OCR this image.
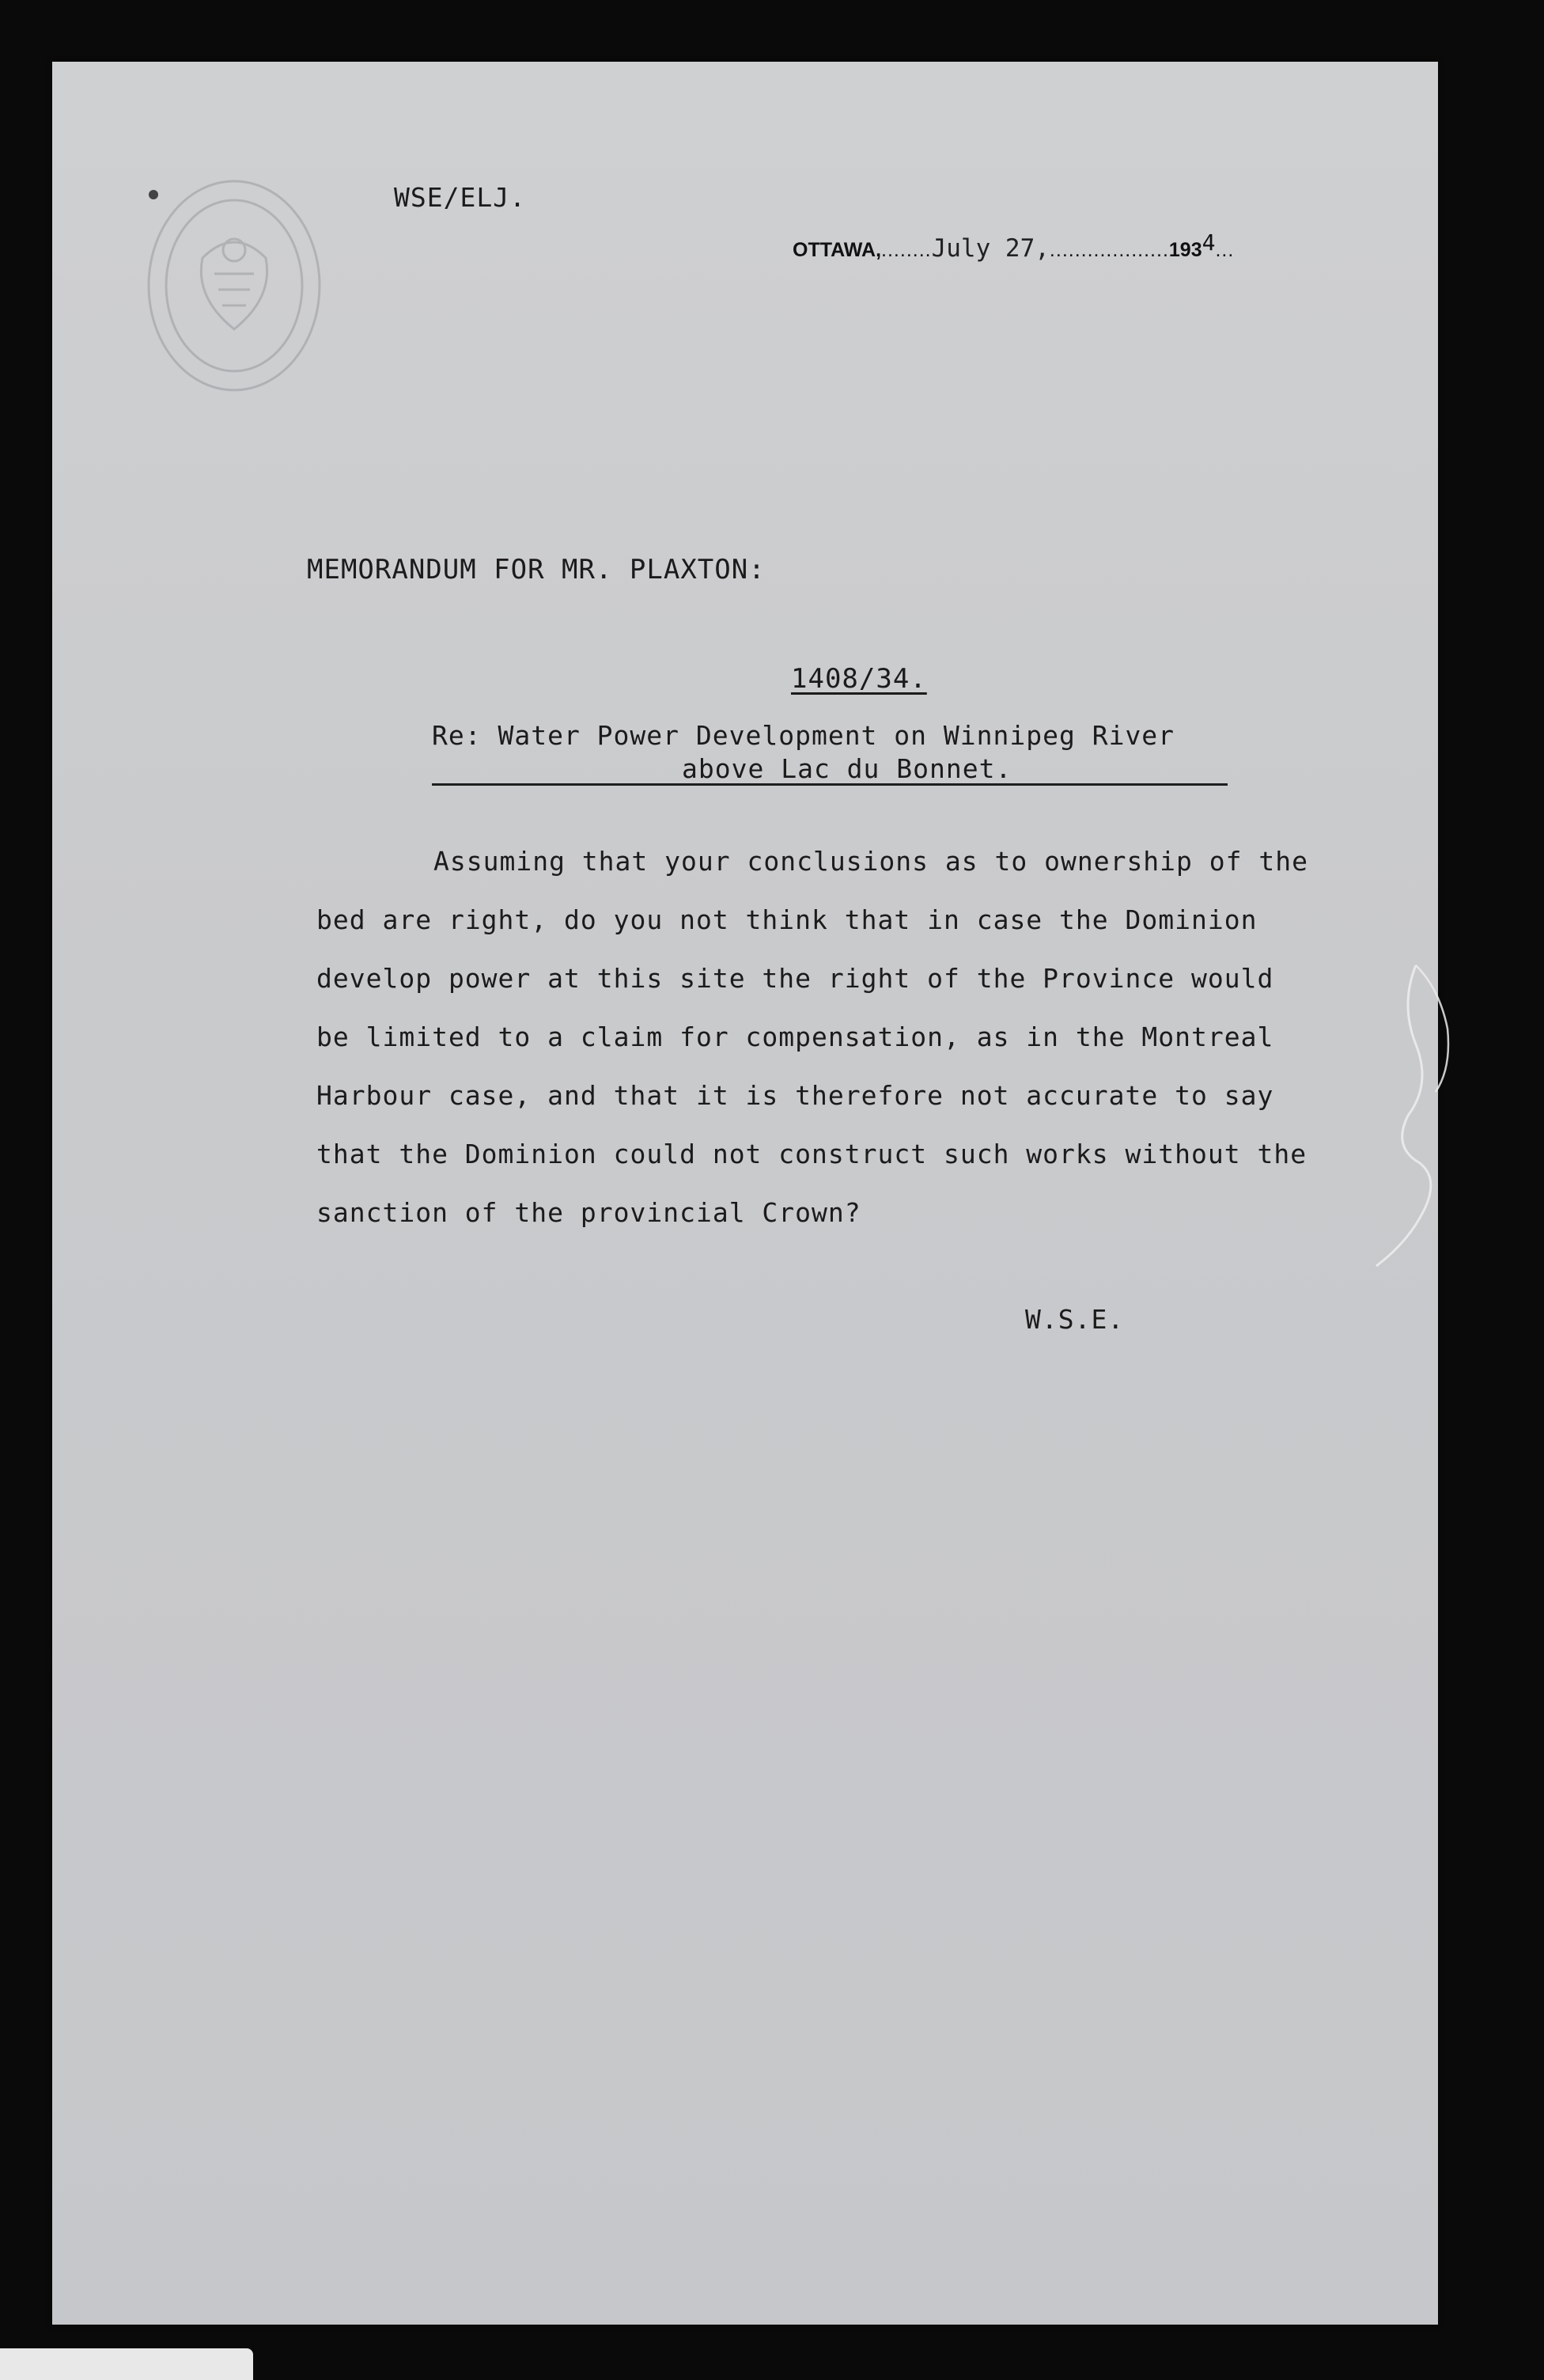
WSE/ELJ.

OTTAWA,........July 27,...................1934...

MEMORANDUM FOR MR. PLAXTON:

1408/34.

Re: Water Power Development on Winnipeg River

above Lac du Bonnet.

Assuming that your conclusions as to ownership of the
bed are right, do you not think that in case the Dominion
develop power at this site the right of the Province would
be limited to a claim for compensation, as in the Montreal
Harbour case, and that it is therefore not accurate to say
that the Dominion could not construct such works without the
sanction of the provincial Crown?

W.S.E.
